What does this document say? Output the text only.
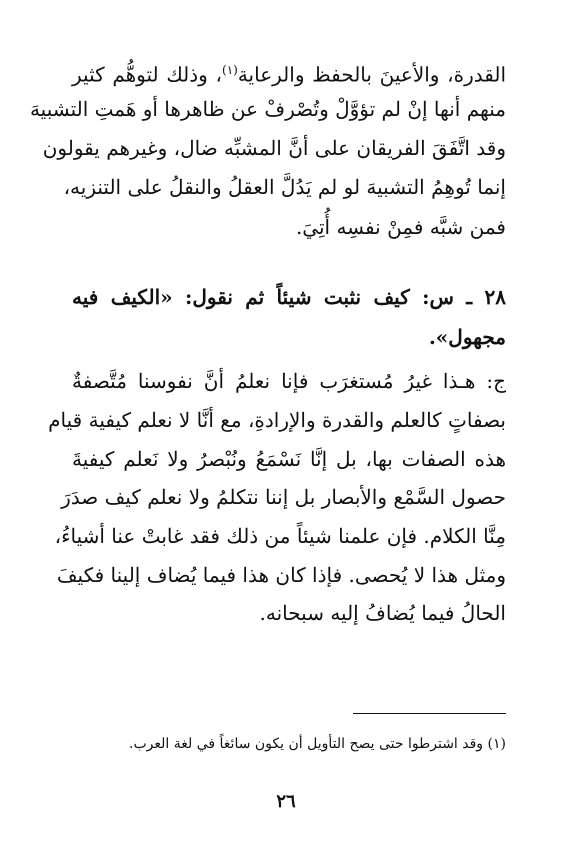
القدرة، والأعينَ بالحفظ والرعاية$^{(١)}$، وذلك لتوهُّم كثير
منهم أنها إنْ لم تؤوَّلْ وتُصْرفْ عن ظاهرها أو هَمتِ التشبيهَ
وقد اتَّفَقَ الفريقان على أنَّ المشبِّه ضال، وغيرهم يقولون
إنما تُوهِمُ التشبيهَ لو لم يَدُلَّ العقلُ والنقلُ على التنزيه،
فمن شبَّه فمِنْ نفسِه أُتِيَ.
٢٨ ـ س: كيف نثبت شيئاً ثم نقول: «الكيف فيه
مجهول».
ج: هـذا غيرُ مُستغرَب فإنا نعلمُ أنَّ نفوسنا مُتَّصفةٌ
بصفاتٍ كالعلم والقدرة والإرادةِ، مع أنَّا لا نعلم كيفية قيام
هذه الصفات بها، بل إنَّا نَسْمَعُ ونُبْصرُ ولا نَعلم كيفيةَ
حصول السَّمْع والأبصار بل إننا نتكلمُ ولا نعلم كيف صدَرَ
مِنَّا الكلام. فإن علمنا شيئاً من ذلك فقد غابتْ عنا أشياءُ،
ومثل هذا لا يُحصى. فإذا كان هذا فيما يُضاف إلينا فكيفَ
الحالُ فيما يُضافُ إليه سبحانه.
(١) وقد اشترطوا حتى يصح التأويل أن يكون سائغاً في لغة العرب.
٢٦
